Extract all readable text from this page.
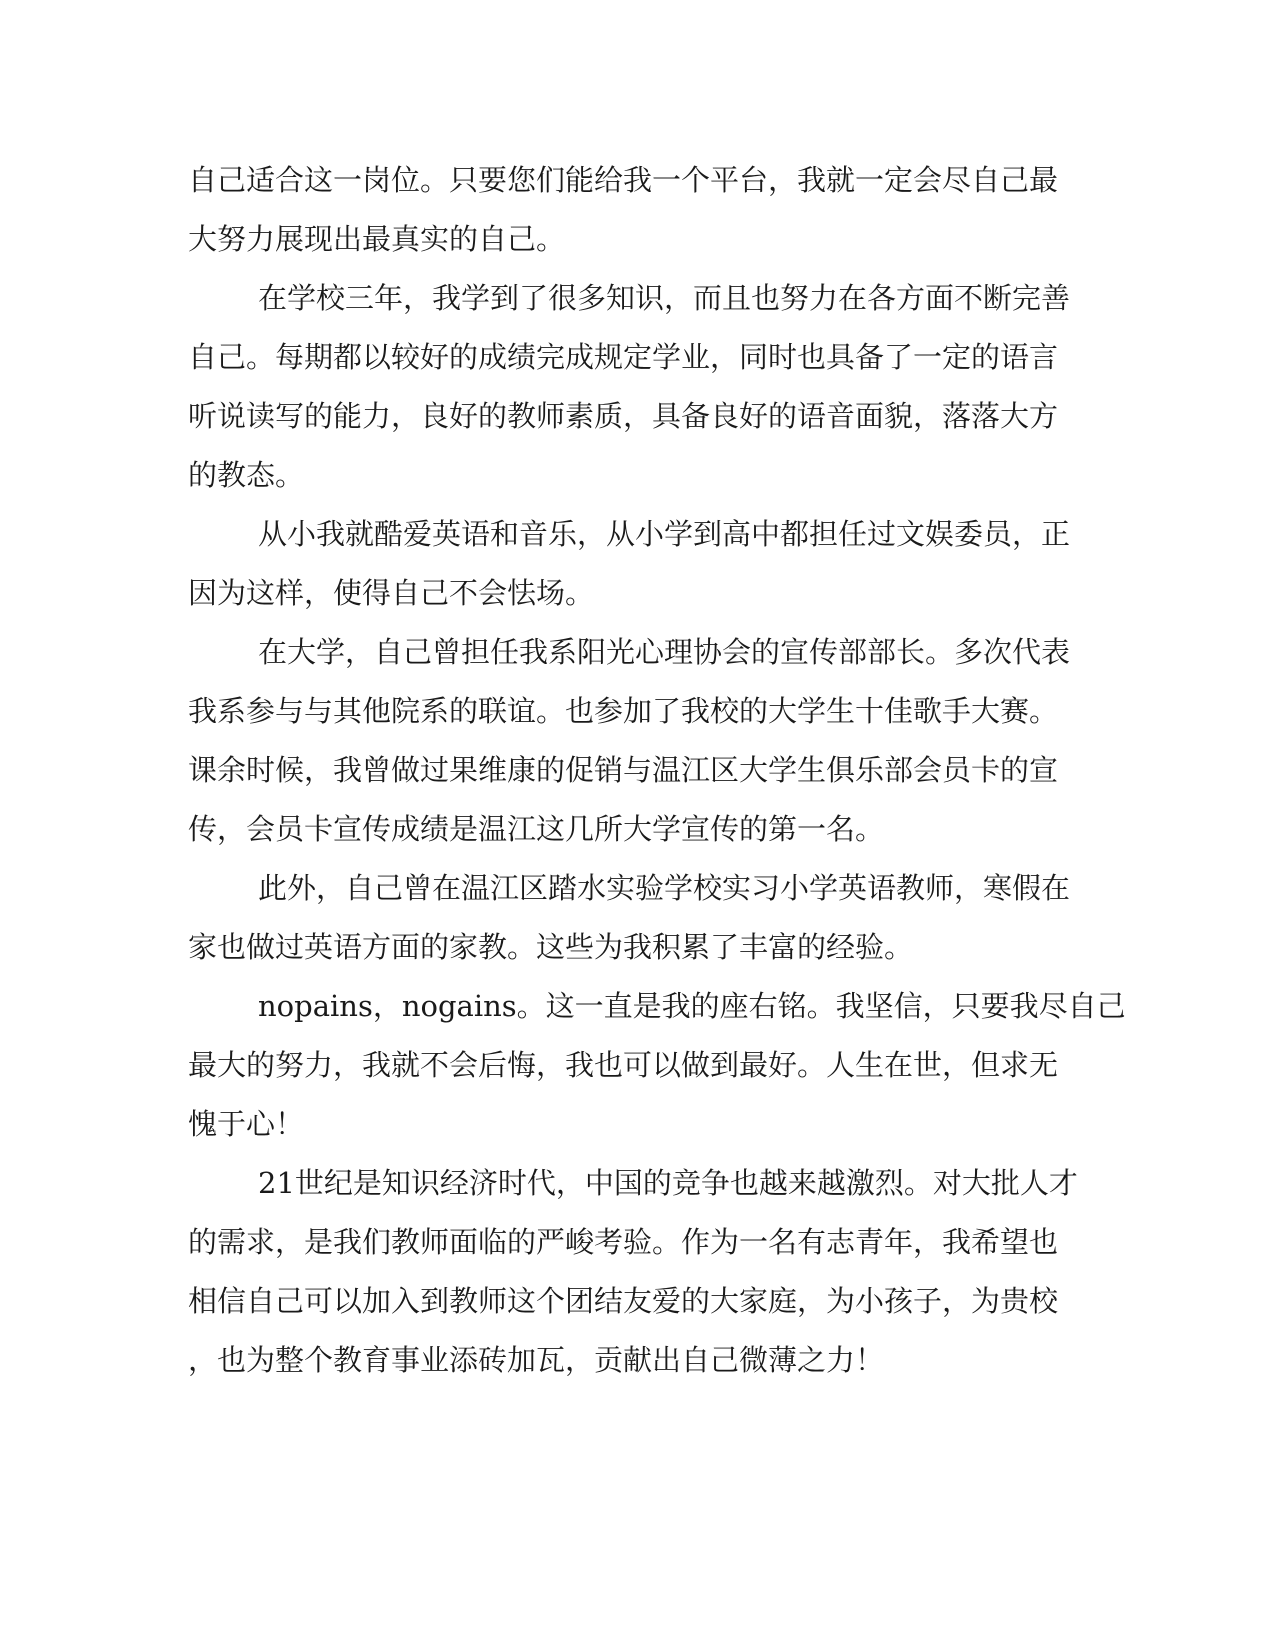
自己适合这一岗位。只要您们能给我一个平台，我就一定会尽自己最
大努力展现出最真实的自己。
在学校三年，我学到了很多知识，而且也努力在各方面不断完善
自己。每期都以较好的成绩完成规定学业，同时也具备了一定的语言
听说读写的能力，良好的教师素质，具备良好的语音面貌，落落大方
的教态。
从小我就酷爱英语和音乐，从小学到高中都担任过文娱委员，正
因为这样，使得自己不会怯场。
在大学，自己曾担任我系阳光心理协会的宣传部部长。多次代表
我系参与与其他院系的联谊。也参加了我校的大学生十佳歌手大赛。
课余时候，我曾做过果维康的促销与温江区大学生俱乐部会员卡的宣
传，会员卡宣传成绩是温江这几所大学宣传的第一名。
此外，自己曾在温江区踏水实验学校实习小学英语教师，寒假在
家也做过英语方面的家教。这些为我积累了丰富的经验。
nopains，nogains。这一直是我的座右铭。我坚信，只要我尽自己
最大的努力，我就不会后悔，我也可以做到最好。人生在世，但求无
愧于心！
21世纪是知识经济时代，中国的竞争也越来越激烈。对大批人才
的需求，是我们教师面临的严峻考验。作为一名有志青年，我希望也
相信自己可以加入到教师这个团结友爱的大家庭，为小孩子，为贵校
，也为整个教育事业添砖加瓦，贡献出自己微薄之力！
